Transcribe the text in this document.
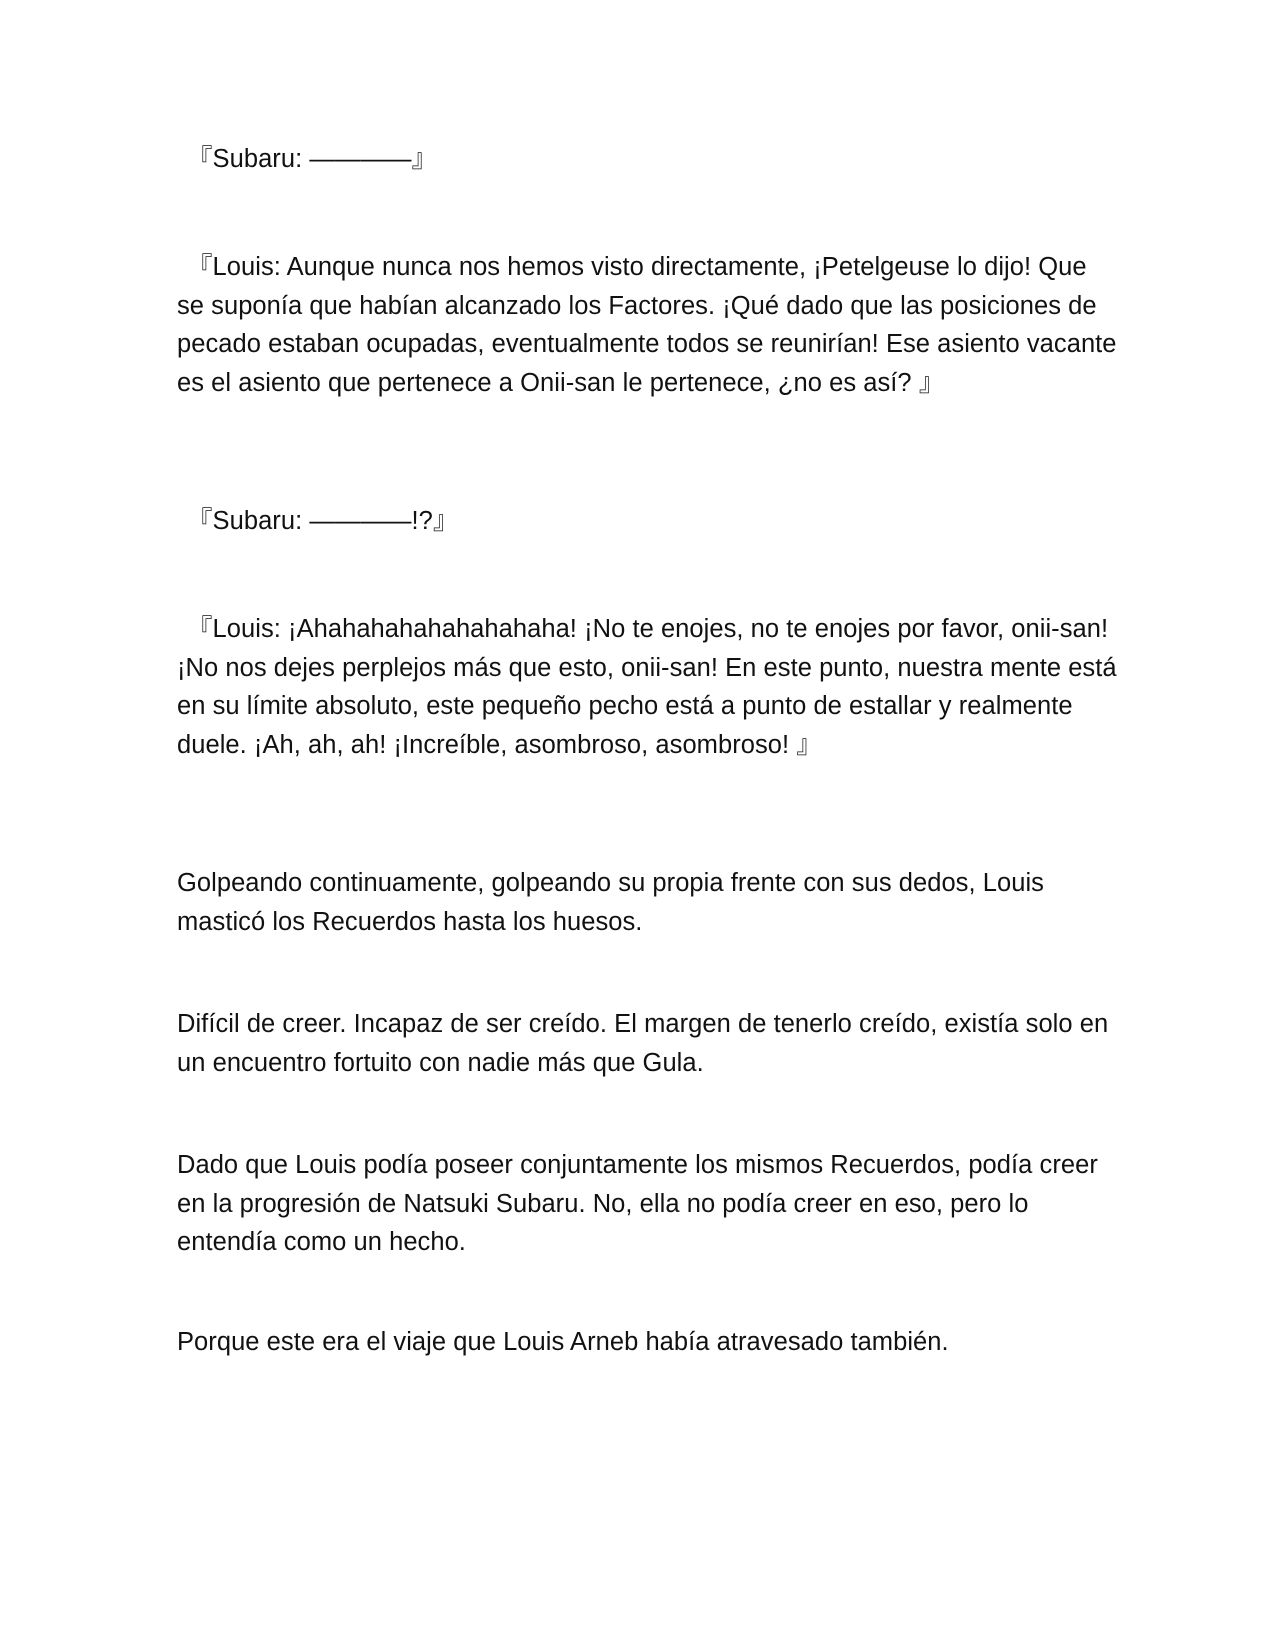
『Subaru: ————』

『Louis: Aunque nunca nos hemos visto directamente, ¡Petelgeuse lo dijo! Que se suponía que habían alcanzado los Factores. ¡Qué dado que las posiciones de pecado estaban ocupadas, eventualmente todos se reunirían! Ese asiento vacante es el asiento que pertenece a Onii-san le pertenece, ¿no es así? 』

『Subaru: ————!?』

『Louis: ¡Ahahahahahahahahaha! ¡No te enojes, no te enojes por favor, onii-san! ¡No nos dejes perplejos más que esto, onii-san! En este punto, nuestra mente está en su límite absoluto, este pequeño pecho está a punto de estallar y realmente duele. ¡Ah, ah, ah! ¡Increíble, asombroso, asombroso! 』

Golpeando continuamente, golpeando su propia frente con sus dedos, Louis masticó los Recuerdos hasta los huesos.

Difícil de creer. Incapaz de ser creído. El margen de tenerlo creído, existía solo en un encuentro fortuito con nadie más que Gula.

Dado que Louis podía poseer conjuntamente los mismos Recuerdos, podía creer en la progresión de Natsuki Subaru. No, ella no podía creer en eso, pero lo entendía como un hecho.

Porque este era el viaje que Louis Arneb había atravesado también.
